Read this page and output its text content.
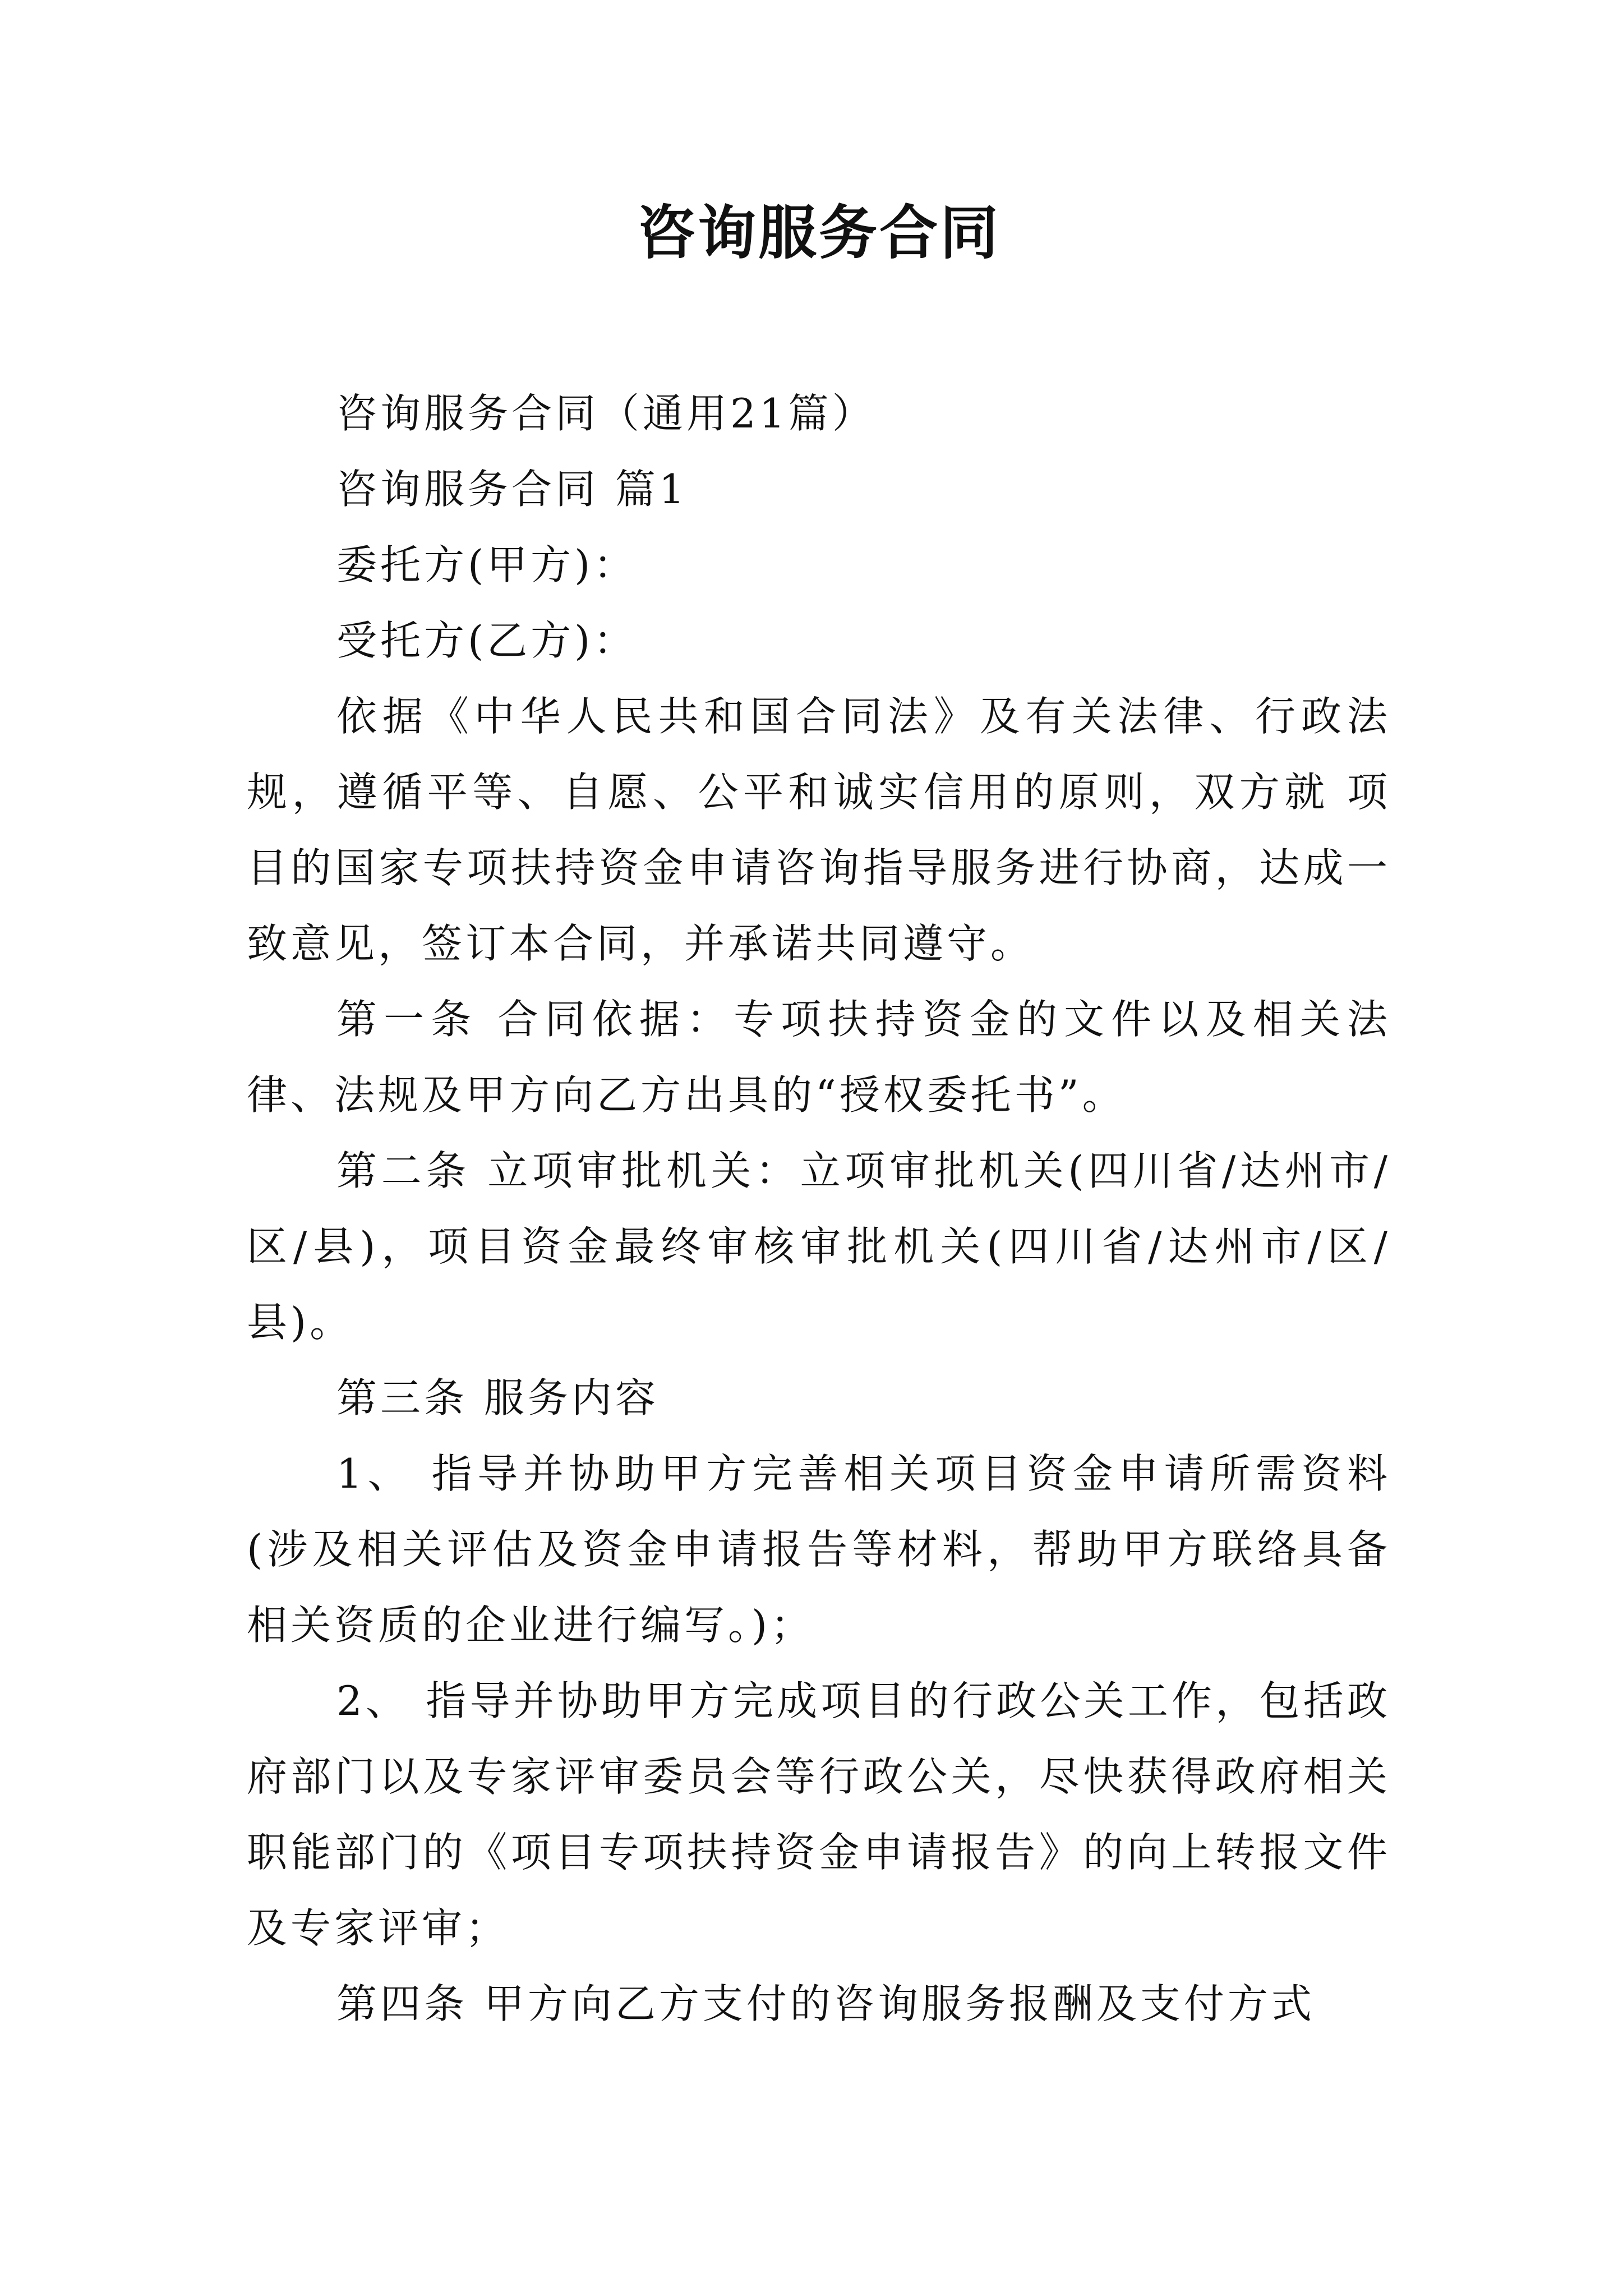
咨询服务合同

咨询服务合同（通用21篇）

咨询服务合同 篇1

委托方(甲方)：

受托方(乙方)：

依据《中华人民共和国合同法》及有关法律、行政法规，遵循平等、自愿、公平和诚实信用的原则，双方就 项目的国家专项扶持资金申请咨询指导服务进行协商，达成一致意见，签订本合同，并承诺共同遵守。

第一条 合同依据：专项扶持资金的文件以及相关法律、法规及甲方向乙方出具的“授权委托书”。

第二条 立项审批机关：立项审批机关(四川省/达州市/区/县)，项目资金最终审核审批机关(四川省/达州市/区/县)。

第三条 服务内容

1、 指导并协助甲方完善相关项目资金申请所需资料(涉及相关评估及资金申请报告等材料，帮助甲方联络具备相关资质的企业进行编写。)；

2、 指导并协助甲方完成项目的行政公关工作，包括政府部门以及专家评审委员会等行政公关，尽快获得政府相关职能部门的《项目专项扶持资金申请报告》的向上转报文件及专家评审；

第四条 甲方向乙方支付的咨询服务报酬及支付方式
